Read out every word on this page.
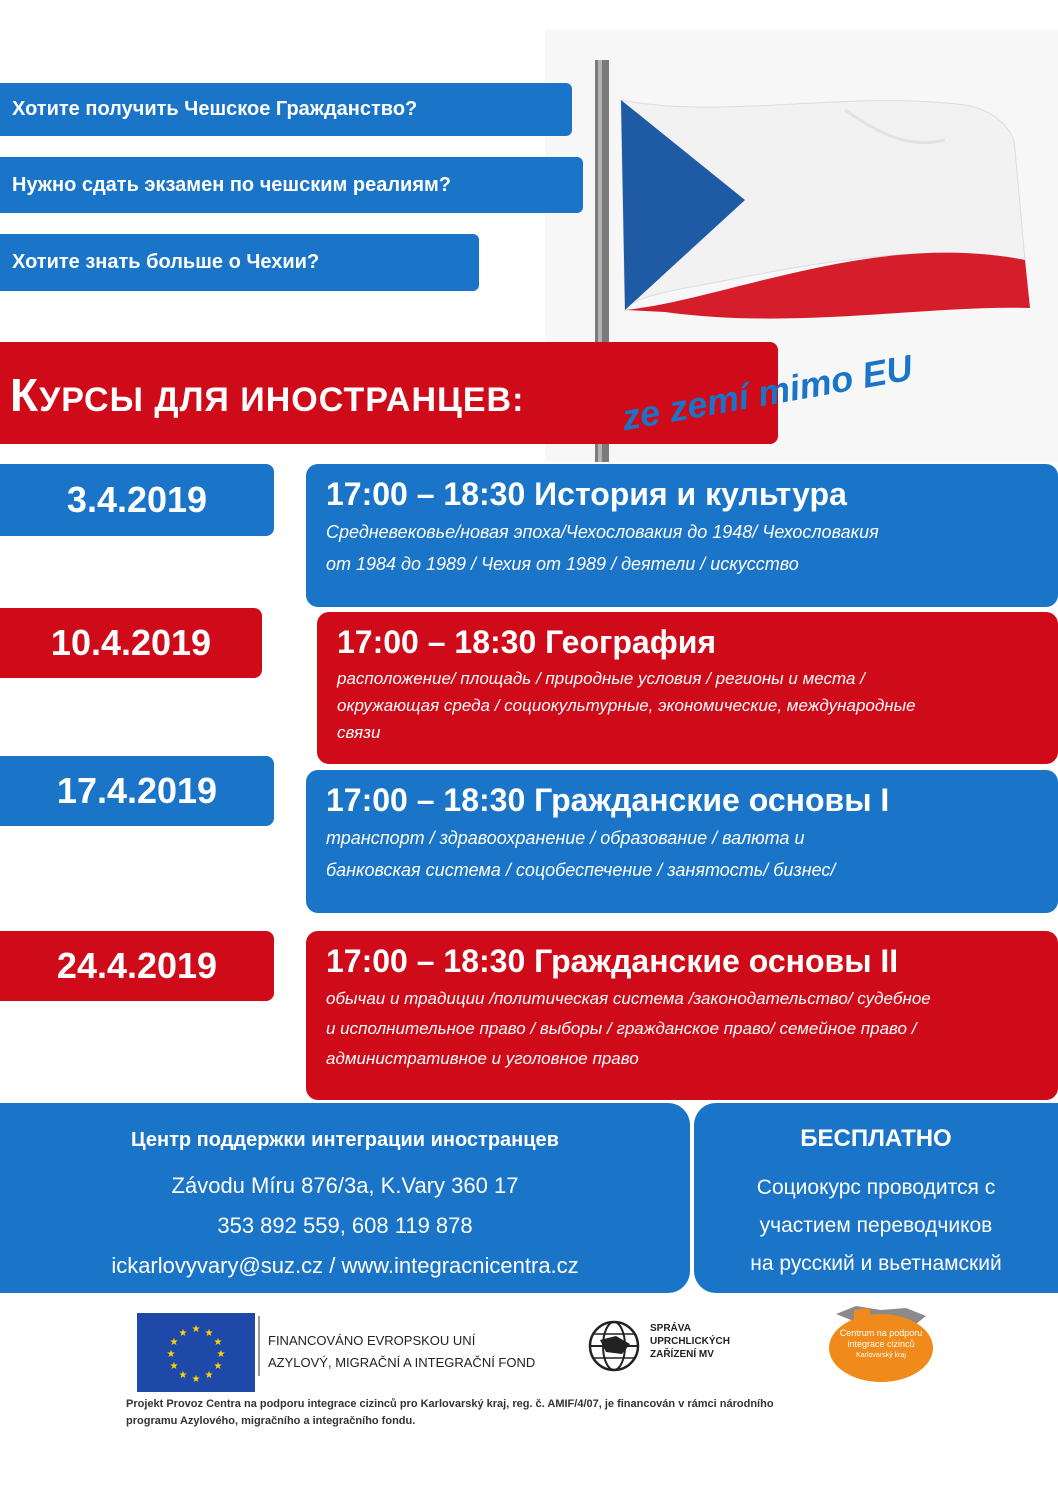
Хотите получить Чешское Гражданство?
Нужно сдать экзамен по чешским реалиям?
Хотите знать больше о Чехии?
КУРСЫ ДЛЯ ИНОСТРАНЦЕВ:	ze zemí mimo EU
3.4.2019	17:00 – 18:30 История и культура
Средневековье/новая эпоха/Чехословакия до 1948/ Чехословакия
от 1984 до 1989 / Чехия от 1989 / деятели / искусство
10.4.2019	17:00 – 18:30 География
расположение/ площадь / природные условия / регионы и места /
окружающая среда / социокультурные, экономические, международные
связи
17.4.2019	17:00 – 18:30 Гражданские основы I
транспорт / здравоохранение / образование / валюта и
банковская система / соцобеспечение / занятость/ бизнес/
24.4.2019	17:00 – 18:30 Гражданские основы II
обычаи и традиции /политическая система /законодательство/ судебное
и исполнительное право / выборы / гражданское право/ семейное право /
административное и уголовное право
Центр поддержки интеграции иностранцев
Závodu Míru 876/3a, K.Vary 360 17
353 892 559, 608 119 878
ickarlovyvary@suz.cz / www.integracnicentra.cz
БЕСПЛАТНО
Социокурс проводится с
участием переводчиков
на русский и вьетнамский
★ ★
★
★
★
★
★
★
★
★
★
★	FINANCOVÁNO EVROPSKOU UNÍ
AZYLOVÝ, MIGRAČNÍ A INTEGRAČNÍ FOND
SPRÁVA
UPRCHLICKÝCH
ZAŘÍZENÍ MV
Centrum na podporu
integrace cizinců
Karlovarský kraj
Projekt Provoz Centra na podporu integrace cizinců pro Karlovarský kraj, reg. č. AMIF/4/07, je financován v rámci národního
programu Azylového, migračního a integračního fondu.
